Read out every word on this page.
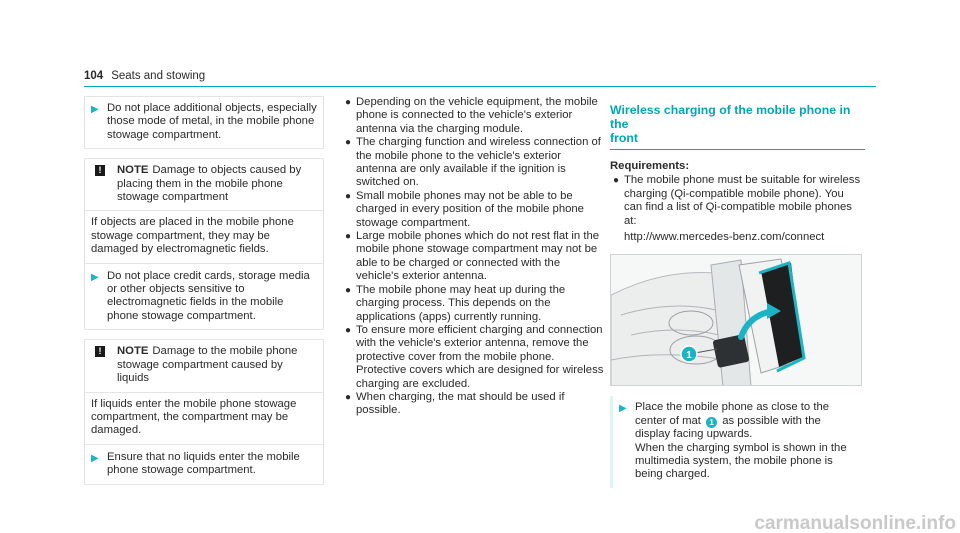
104 Seats and stowing
▶ Do not place additional objects, especially those mode of metal, in the mobile phone stowage compartment.
!	NOTE Damage to objects caused by placing them in the mobile phone stowage compartment
If objects are placed in the mobile phone stowage compartment, they may be damaged by electromagnetic fields.
▶ Do not place credit cards, storage media or other objects sensitive to electromagnetic fields in the mobile phone stowage compartment.
!	NOTE Damage to the mobile phone stowage compartment caused by liquids
If liquids enter the mobile phone stowage compartment, the compartment may be damaged.
▶ Ensure that no liquids enter the mobile phone stowage compartment.
● Depending on the vehicle equipment, the mobile phone is connected to the vehicle's exterior antenna via the charging module.
● The charging function and wireless connection of the mobile phone to the vehicle's exterior antenna are only available if the ignition is switched on.
● Small mobile phones may not be able to be charged in every position of the mobile phone stowage compartment.
● Large mobile phones which do not rest flat in the mobile phone stowage compartment may not be able to be charged or connected with the vehicle's exterior antenna.
● The mobile phone may heat up during the charging process. This depends on the applications (apps) currently running.
● To ensure more efficient charging and connection with the vehicle's exterior antenna, remove the protective cover from the mobile phone. Protective covers which are designed for wireless charging are excluded.
● When charging, the mat should be used if possible.
Wireless charging of the mobile phone in the
front
Requirements:
● The mobile phone must be suitable for wireless charging (Qi-compatible mobile phone). You can find a list of Qi-compatible mobile phones at:
http://www.mercedes-benz.com/connect
1
▶ Place the mobile phone as close to the center of mat 1 as possible with the display facing upwards.
When the charging symbol is shown in the multimedia system, the mobile phone is being charged.
carmanualsonline.info
